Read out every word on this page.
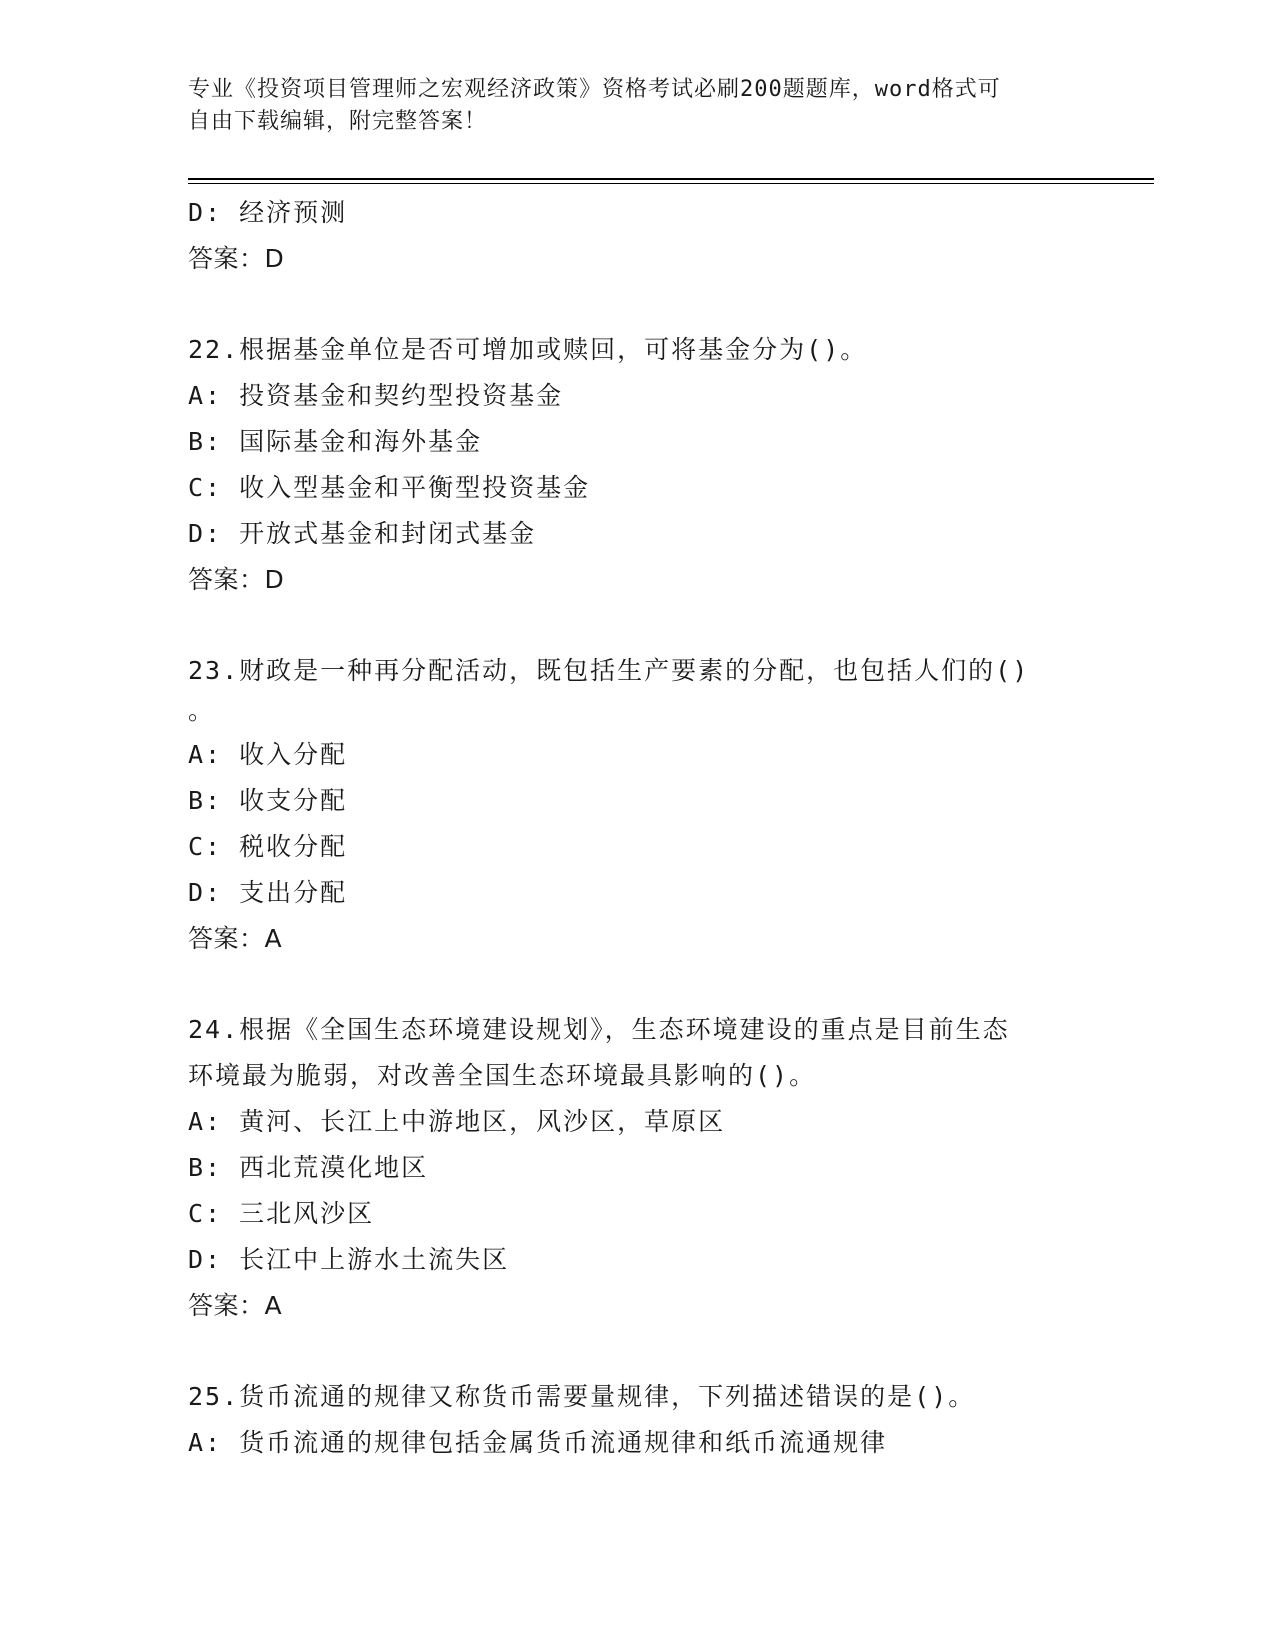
专业《投资项目管理师之宏观经济政策》资格考试必刷200题题库，word格式可
自由下载编辑，附完整答案！
D: 经济预测
答案：D
22.根据基金单位是否可增加或赎回，可将基金分为()。
A: 投资基金和契约型投资基金
B: 国际基金和海外基金
C: 收入型基金和平衡型投资基金
D: 开放式基金和封闭式基金
答案：D
23.财政是一种再分配活动，既包括生产要素的分配，也包括人们的()
。
A: 收入分配
B: 收支分配
C: 税收分配
D: 支出分配
答案：A
24.根据《全国生态环境建设规划》，生态环境建设的重点是目前生态
环境最为脆弱，对改善全国生态环境最具影响的()。
A: 黄河、长江上中游地区，风沙区，草原区
B: 西北荒漠化地区
C: 三北风沙区
D: 长江中上游水土流失区
答案：A
25.货币流通的规律又称货币需要量规律，下列描述错误的是()。
A: 货币流通的规律包括金属货币流通规律和纸币流通规律
